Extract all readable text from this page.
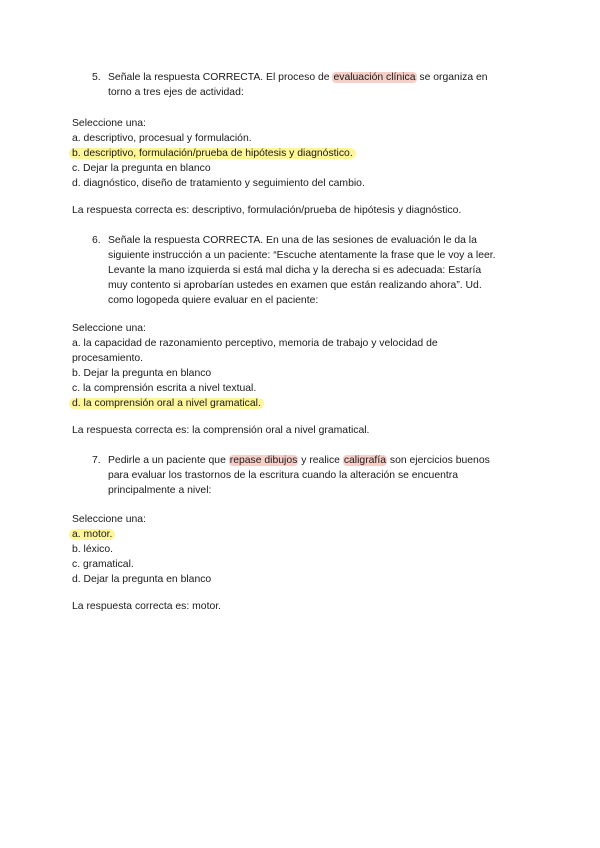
5. Señale la respuesta CORRECTA. El proceso de evaluación clínica se organiza en
torno a tres ejes de actividad:
Seleccione una:
a. descriptivo, procesual y formulación.
b. descriptivo, formulación/prueba de hipótesis y diagnóstico.
c. Dejar la pregunta en blanco
d. diagnóstico, diseño de tratamiento y seguimiento del cambio.
La respuesta correcta es: descriptivo, formulación/prueba de hipótesis y diagnóstico.
6. Señale la respuesta CORRECTA. En una de las sesiones de evaluación le da la
siguiente instrucción a un paciente: “Escuche atentamente la frase que le voy a leer.
Levante la mano izquierda si está mal dicha y la derecha si es adecuada: Estaría
muy contento si aprobarían ustedes en examen que están realizando ahora”. Ud.
como logopeda quiere evaluar en el paciente:
Seleccione una:
a. la capacidad de razonamiento perceptivo, memoria de trabajo y velocidad de
procesamiento.
b. Dejar la pregunta en blanco
c. la comprensión escrita a nivel textual.
d. la comprensión oral a nivel gramatical.
La respuesta correcta es: la comprensión oral a nivel gramatical.
7. Pedirle a un paciente que repase dibujos y realice caligrafía son ejercicios buenos
para evaluar los trastornos de la escritura cuando la alteración se encuentra
principalmente a nivel:
Seleccione una:
a. motor.
b. léxico.
c. gramatical.
d. Dejar la pregunta en blanco
La respuesta correcta es: motor.
